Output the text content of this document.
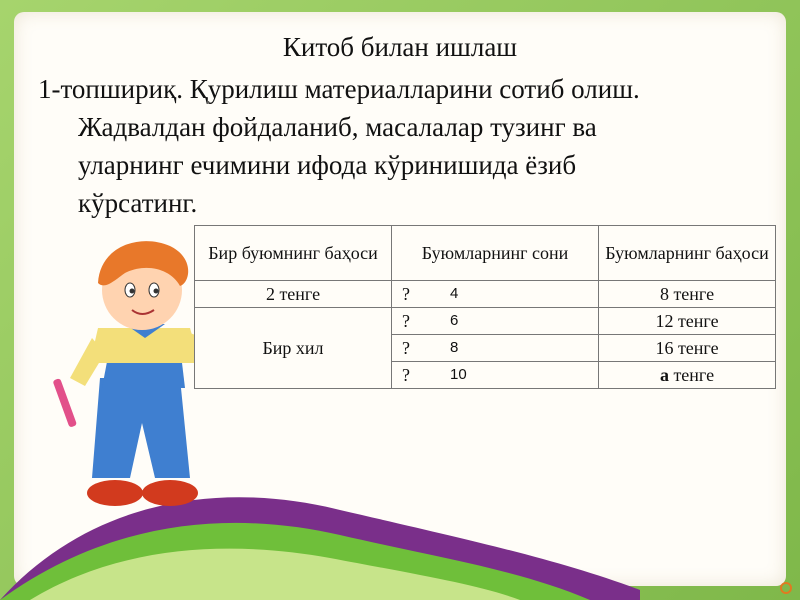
Китоб билан ишлаш
1-топшириқ. Қурилиш материалларини сотиб олиш.
Жадвалдан фойдаланиб, масалалар тузинг ва
уларнинг ечимини ифода кўринишида ёзиб
кўрсатинг.
Бир буюмнинг баҳоси	Буюмларнинг сони	Буюмларнинг баҳоси
2 тенге	? 4	8 тенге
Бир хил	? 6	12 тенге
	? 8	16 тенге
	? 10	а тенге
